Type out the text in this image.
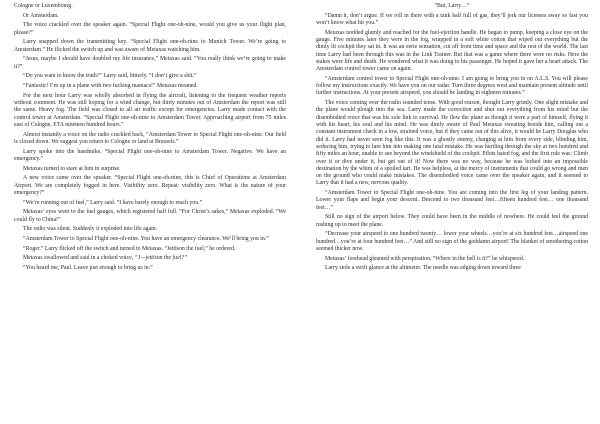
Cologne or Luxembourg.

Or Amsterdam.

The voice crackled over the speaker again. “Special Flight one-oh-nine, would you give us your flight plan, please?”

Larry snapped down the transmitting key. “Special Flight one-oh-nine to Munich Tower. We’re going to Amsterdam.” He flicked the switch up and was aware of Metaxas watching him.

“Jesus, maybe I should have doubled my life insurance,” Metaxas said. “You really think we’re going to make it?”

“Do you want to know the truth?” Larry said, bitterly. “I don’t give a shit.”

“Fantastic! I’m up in a plane with two fucking maniacs!” Metaxas moaned.

For the next hour Larry was wholly absorbed in flying the aircraft, listening to the frequent weather reports without comment. He was still hoping for a wind change, but thirty minutes out of Amsterdam the report was still the same. Heavy fog. The field was closed to all air traffic except for emergencies. Larry made contact with the control tower at Amsterdam. “Special Flight one-oh-nine to Amsterdam Tower. Approaching airport from 75 miles east of Cologne, ETA nineteen hundred hours.”

Almost instantly a voice on the radio crackled back, “Amsterdam Tower to Special Flight one-oh-nine. Our field is closed down. We suggest you return to Cologne or land at Brussels.”

Larry spoke into the handmike. “Special Flight one-oh-nine to Amsterdam Tower. Negative. We have an emergency.”

Metaxas turned to stare at him in surprise.

A new voice came over the speaker. “Special Flight one-oh-nine, this is Chief of Operations at Amsterdam Airport. We are completely fogged in here. Visibility zero. Repeat: visibility zero. What is the nature of your emergency?”

“We’re running out of fuel,” Larry said. “I have barely enough to reach you.”

Metaxas’ eyes went to the fuel gauges, which registered half full. “For Christ’s sakes,” Metaxas exploded. “We could fly to China!”

The radio was silent. Suddenly it exploded into life again.

“Amsterdam Tower to Special Flight one-oh-nine. You have an emergency clearance. We’ll bring you in.”

“Roger.” Larry flicked off the switch and turned to Metaxas. “Jettison the fuel,” he ordered.

Metaxas swallowed and said in a choked voice, “J—jettison the fuel?”

“You heard me, Paul. Leave just enough to bring us in.”

“But, Larry…”

“Damn it, don’t argue. If we roll in there with a tank half full of gas, they’ll jerk our licenses away so fast you won’t know what hit you.”

Metaxas nodded glumly and reached for the fuel-ejection handle. He began to pump, keeping a close eye on the gauge. Five minutes later they were in the fog, wrapped in a soft white cotton that wiped out everything but the dimly lit cockpit they sat in. It was an eerie sensation, cut off from time and space and the rest of the world. The last time Larry had been through this was in the Link Trainer. But that was a game where there were no risks. Here the stakes were life and death. He wondered what it was doing to his passenger. He hoped it gave her a heart attack. The Amsterdam control tower came on again.

“Amsterdam control tower to Special Flight one-oh-nine. I am going to bring you in on A.L.S. You will please follow my instructions exactly. We have you on our radar. Turn three degrees west and maintain present altitude until further instructions. At your present airspeed, you should be landing in eighteen minutes.”

The voice coming over the radio sounded tense. With good reason, thought Larry grimly. One slight mistake and the plane would plough into the sea. Larry made the correction and shut out everything from his mind but the disembodied voice that was his sole link to survival. He flew the plane as though it were a part of himself, flying it with his heart, his soul and his mind. He was dimly aware of Paul Metaxas sweating beside him, calling out a constant instrument check in a low, strained voice, but if they came out of this alive, it would be Larry Douglas who did it. Larry had never seen fog like this. It was a ghostly enemy, charging at him from every side, blinding him, seducing him, trying to lure him into making one fatal mistake. He was hurtling through the sky at two hundred and fifty miles an hour, unable to see beyond the windshield of the cockpit. Pilots hated fog, and the first rule was: Climb over it or dive under it, but get out of it! Now there was no way, because he was locked into an impossible destination by the whim of a spoiled tart. He was helpless, at the mercy of instruments that could go wrong and men on the ground who could make mistakes. The disembodied voice came over the speaker again, and it seemed to Larry that it had a new, nervous quality.

“Amsterdam Tower to Special Flight one-oh-nine. You are coming into the first leg of your landing pattern. Lower your flaps and begin your descent. Descend to two thousand feet…fifteen hundred feet… one thousand feet…”

Still no sign of the airport below. They could have been in the middle of nowhere. He could feel the ground rushing up to meet the plane.

“Decrease your airspeed to one hundred twenty… lower your wheels…you’re at six hundred feet…airspeed one hundred…you’re at four hundred feet…” And still no sign of the goddamn airport! The blanket of smothering cotton seemed thicker now.

Metaxas’ forehead gleamed with perspiration. “Where in the hell is it?” he whispered.

Larry stole a swift glance at the altimeter. The needle was edging down toward three
